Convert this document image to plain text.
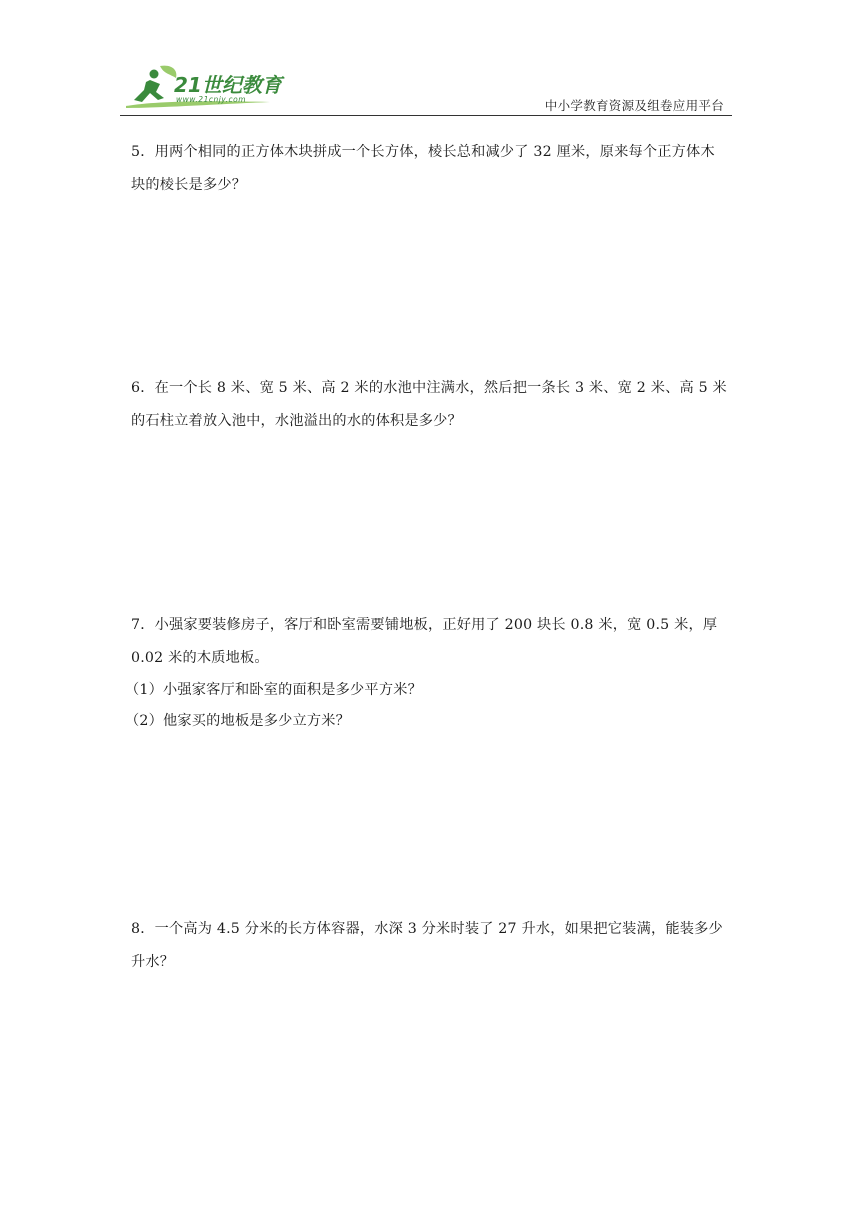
21世纪教育
www.21cnjy.com	中小学教育资源及组卷应用平台

5．用两个相同的正方体木块拼成一个长方体，棱长总和减少了 32 厘米，原来每个正方体木

块的棱长是多少？

6．在一个长 8 米、宽 5 米、高 2 米的水池中注满水，然后把一条长 3 米、宽 2 米、高 5 米

的石柱立着放入池中，水池溢出的水的体积是多少？

7．小强家要装修房子，客厅和卧室需要铺地板，正好用了 200 块长 0.8 米，宽 0.5 米，厚

0.02 米的木质地板。

（1）小强家客厅和卧室的面积是多少平方米？

（2）他家买的地板是多少立方米？

8．一个高为 4.5 分米的长方体容器，水深 3 分米时装了 27 升水，如果把它装满，能装多少

升水？
